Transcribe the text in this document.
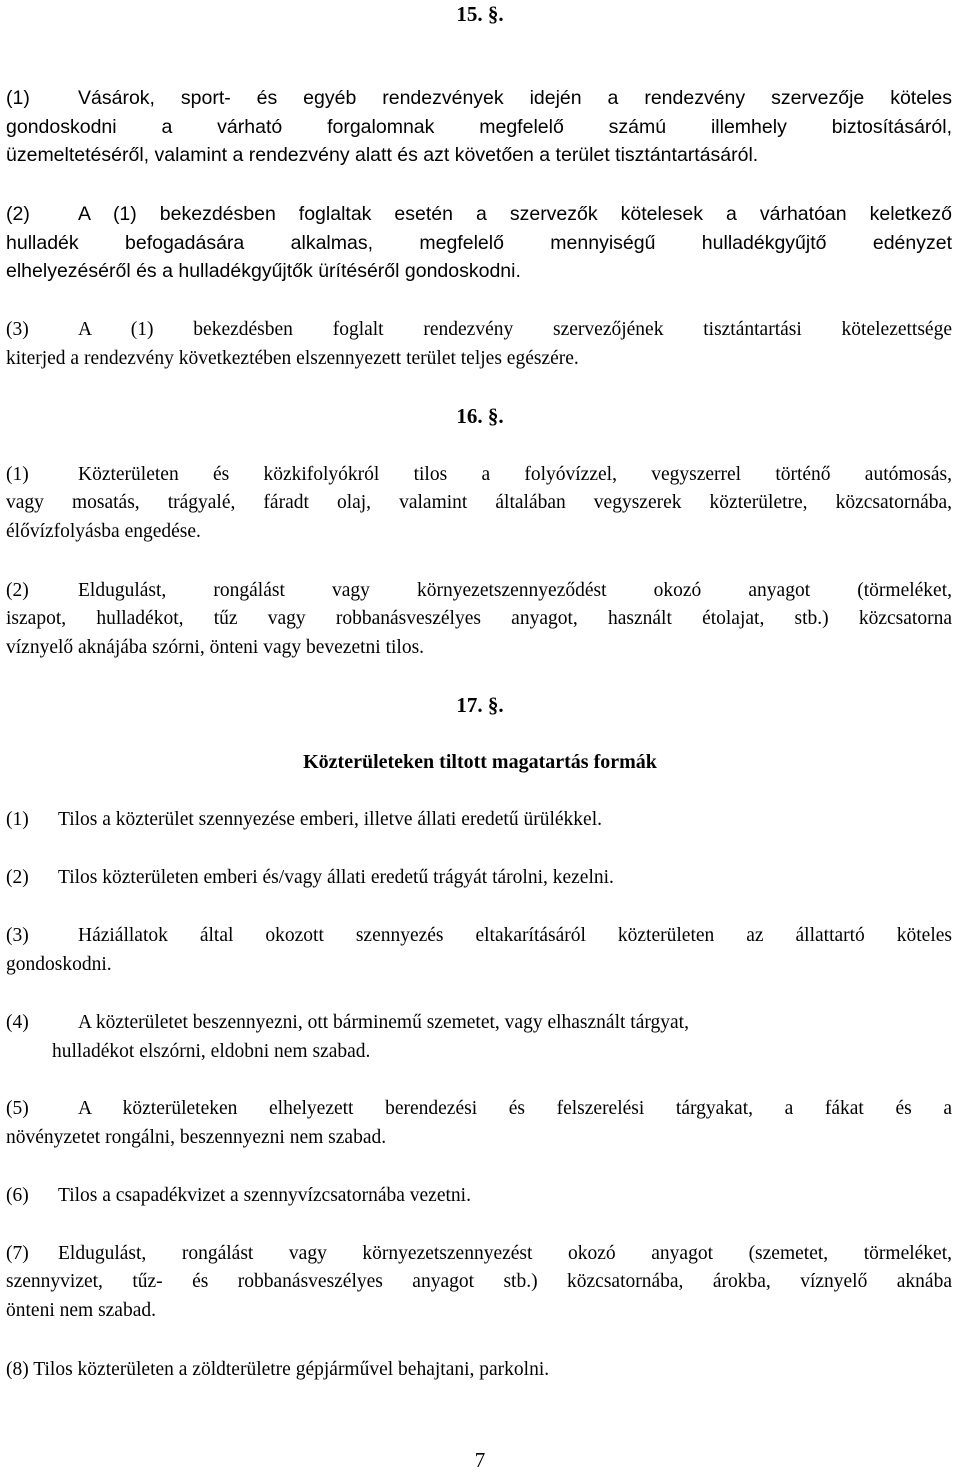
15. §.
(1) Vásárok, sport- és egyéb rendezvények idején a rendezvény szervezője köteles
gondoskodni a várható forgalomnak megfelelő számú illemhely biztosításáról,
üzemeltetéséről, valamint a rendezvény alatt és azt követően a terület tisztántartásáról.
(2) A (1) bekezdésben foglaltak esetén a szervezők kötelesek a várhatóan keletkező
hulladék befogadására alkalmas, megfelelő mennyiségű hulladékgyűjtő edényzet
elhelyezéséről és a hulladékgyűjtők ürítéséről gondoskodni.
(3)	A (1) bekezdésben foglalt rendezvény szervezőjének tisztántartási kötelezettsége
kiterjed a rendezvény következtében elszennyezett terület teljes egészére.
16. §.
(1)	Közterületen és közkifolyókról tilos a folyóvízzel, vegyszerrel történő autómosás,
vagy mosatás, trágyalé, fáradt olaj, valamint általában vegyszerek közterületre, közcsatornába,
élővízfolyásba engedése.
(2)	Eldugulást, rongálást vagy környezetszennyeződést okozó anyagot (törmeléket,
iszapot, hulladékot, tűz vagy robbanásveszélyes anyagot, használt étolajat, stb.) közcsatorna
víznyelő aknájába szórni, önteni vagy bevezetni tilos.
17. §.
Közterületeken tiltott magatartás formák
(1) Tilos a közterület szennyezése emberi, illetve állati eredetű ürülékkel.
(2) Tilos közterületen emberi és/vagy állati eredetű trágyát tárolni, kezelni.
(3)	Háziállatok által okozott szennyezés eltakarításáról közterületen az állattartó köteles
gondoskodni.
(4)	A közterületet beszennyezni, ott bárminemű szemetet, vagy elhasznált tárgyat,
hulladékot elszórni, eldobni nem szabad.
(5)	A közterületeken elhelyezett berendezési és felszerelési tárgyakat, a fákat és a
növényzetet rongálni, beszennyezni nem szabad.
(6) Tilos a csapadékvizet a szennyvízcsatornába vezetni.
(7) Eldugulást, rongálást vagy környezetszennyezést okozó anyagot (szemetet, törmeléket,
szennyvizet, tűz- és robbanásveszélyes anyagot stb.) közcsatornába, árokba, víznyelő aknába
önteni nem szabad.
(8) Tilos közterületen a zöldterületre gépjárművel behajtani, parkolni.
7
